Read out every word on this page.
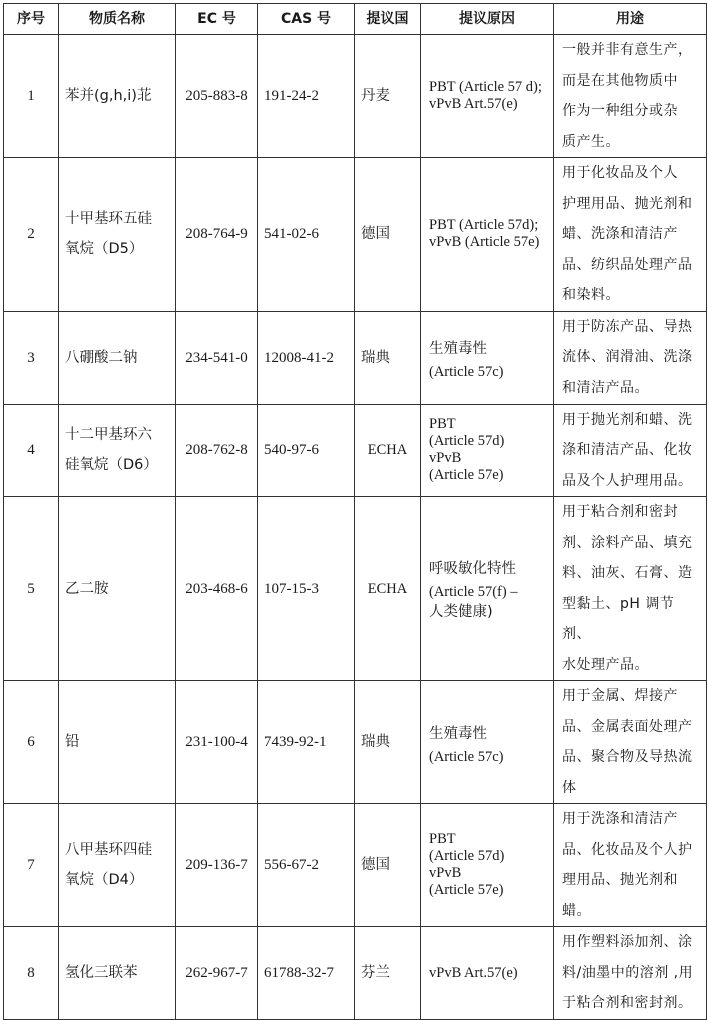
序号	物质名称	EC 号	CAS 号	提议国	提议原因	用途
1	苯并(g,h,i)苝	205-883-8	191-24-2	丹麦	PBT (Article 57 d);
vPvB Art.57(e)	一般并非有意生产，
而是在其他物质中
作为一种组分或杂
质产生。

2	十甲基环五硅
氧烷（D5）	208-764-9	541-02-6	德国	PBT (Article 57d);
vPvB (Article 57e)	用于化妆品及个人
护理用品、抛光剂和
蜡、洗涤和清洁产
品、纺织品处理产品
和染料。

3	八硼酸二钠	234-541-0	12008-41-2	瑞典	生殖毒性
(Article 57c)	用于防冻产品、导热
流体、润滑油、洗涤
和清洁产品。

4	十二甲基环六
硅氧烷（D6）	208-762-8	540-97-6	ECHA	PBT
(Article 57d)
vPvB
(Article 57e)	用于抛光剂和蜡、洗
涤和清洁产品、化妆
品及个人护理用品。

5	乙二胺	203-468-6	107-15-3	ECHA	呼吸敏化特性
(Article 57(f) –
人类健康)	用于粘合剂和密封
剂、涂料产品、填充
料、油灰、石膏、造
型黏土、pH 调节剂、
水处理产品。

6	铅	231-100-4	7439-92-1	瑞典	生殖毒性
(Article 57c)	用于金属、焊接产
品、金属表面处理产
品、聚合物及导热流
体

7	八甲基环四硅
氧烷（D4）	209-136-7	556-67-2	德国	PBT
(Article 57d)
vPvB
(Article 57e)	用于洗涤和清洁产
品、化妆品及个人护
理用品、抛光剂和
蜡。

8	氢化三联苯	262-967-7	61788-32-7	芬兰	vPvB Art.57(e)	用作塑料添加剂、涂
料/油墨中的溶剂 ,用
于粘合剂和密封剂。
